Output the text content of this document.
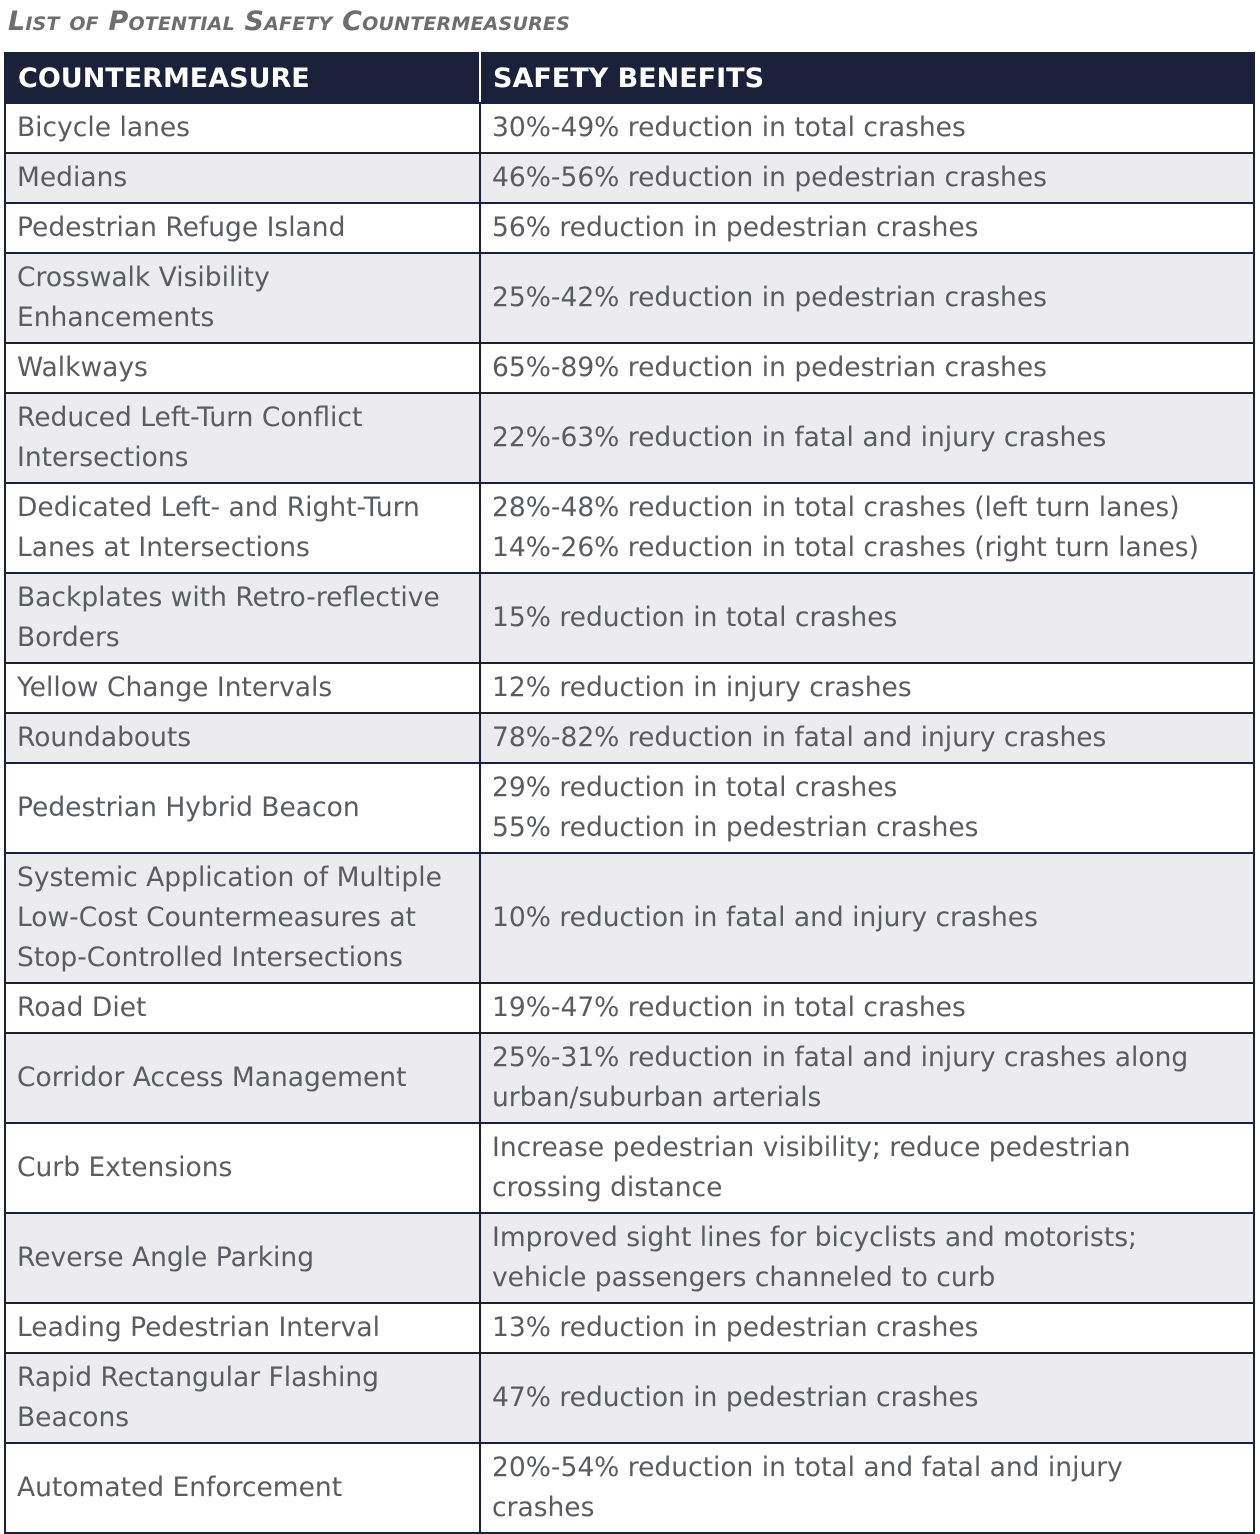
List of Potential Safety Countermeasures
COUNTERMEASURE	SAFETY BENEFITS

Bicycle lanes	30%-49% reduction in total crashes

Medians	46%-56% reduction in pedestrian crashes

Pedestrian Refuge Island	56% reduction in pedestrian crashes

Crosswalk Visibility
Enhancements	25%-42% reduction in pedestrian crashes

Walkways	65%-89% reduction in pedestrian crashes

Reduced Left-Turn Conflict
Intersections	22%-63% reduction in fatal and injury crashes

Dedicated Left- and Right-Turn
Lanes at Intersections	28%-48% reduction in total crashes (left turn lanes)
14%-26% reduction in total crashes (right turn lanes)

Backplates with Retro-reflective
Borders	15% reduction in total crashes

Yellow Change Intervals	12% reduction in injury crashes

Roundabouts	78%-82% reduction in fatal and injury crashes

Pedestrian Hybrid Beacon	29% reduction in total crashes
55% reduction in pedestrian crashes

Systemic Application of Multiple
Low-Cost Countermeasures at
Stop-Controlled Intersections	10% reduction in fatal and injury crashes

Road Diet	19%-47% reduction in total crashes

Corridor Access Management	25%-31% reduction in fatal and injury crashes along
urban/suburban arterials

Curb Extensions	Increase pedestrian visibility; reduce pedestrian
crossing distance

Reverse Angle Parking	Improved sight lines for bicyclists and motorists;
vehicle passengers channeled to curb

Leading Pedestrian Interval	13% reduction in pedestrian crashes

Rapid Rectangular Flashing
Beacons	47% reduction in pedestrian crashes

Automated Enforcement	20%-54% reduction in total and fatal and injury
crashes
